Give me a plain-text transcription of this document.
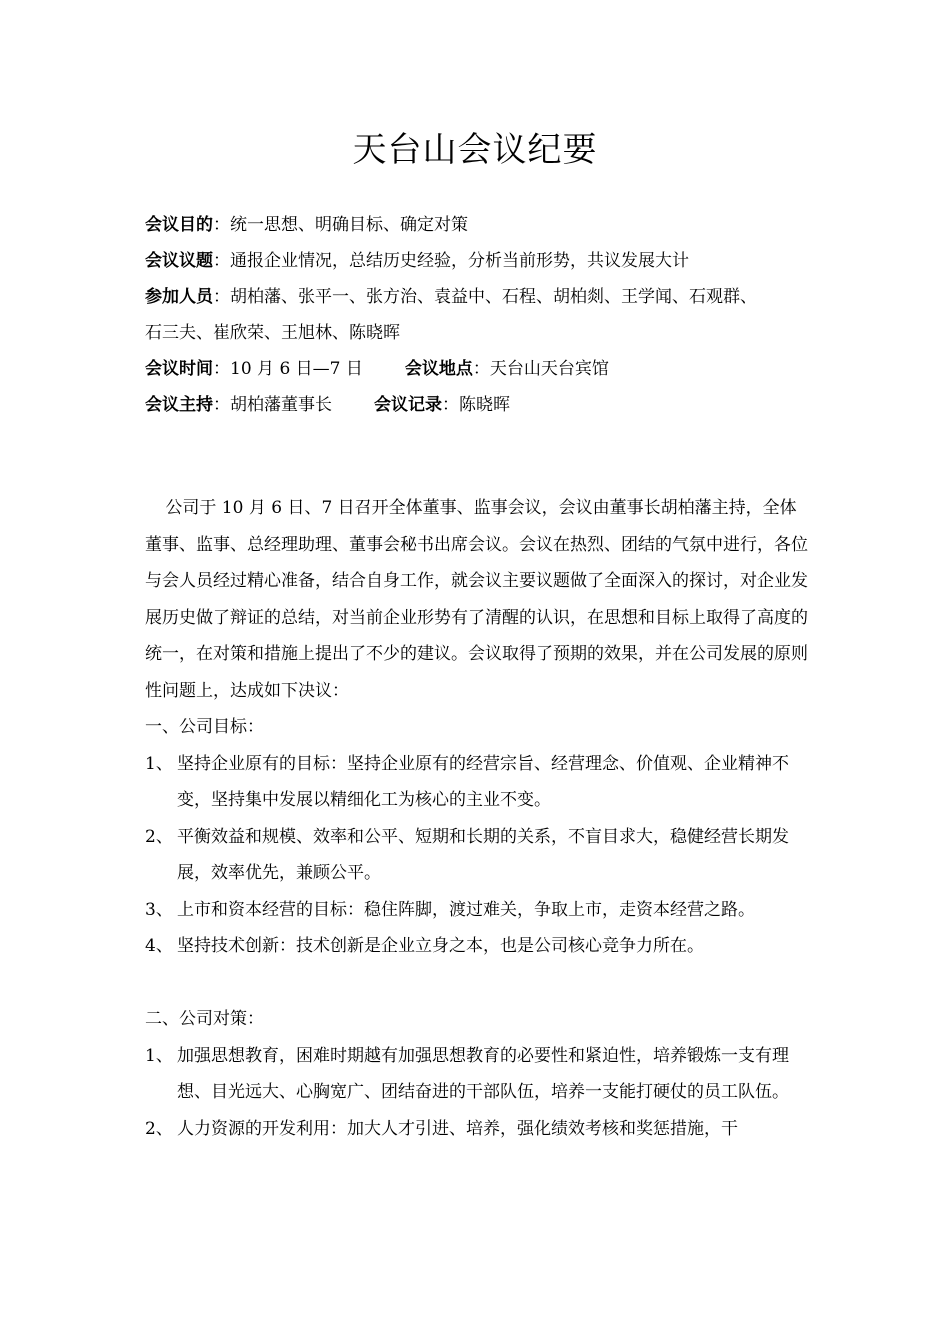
天台山会议纪要
会议目的：统一思想、明确目标、确定对策
会议议题：通报企业情况，总结历史经验，分析当前形势，共议发展大计
参加人员：胡柏藩、张平一、张方治、袁益中、石程、胡柏剡、王学闻、石观群、
石三夫、崔欣荣、王旭林、陈晓晖
会议时间：10 月 6 日—7 日 会议地点：天台山天台宾馆
会议主持：胡柏藩董事长 会议记录：陈晓晖

公司于 10 月 6 日、7 日召开全体董事、监事会议，会议由董事长胡柏藩主持，全体董事、监事、总经理助理、董事会秘书出席会议。会议在热烈、团结的气氛中进行，各位与会人员经过精心准备，结合自身工作，就会议主要议题做了全面深入的探讨，对企业发展历史做了辩证的总结，对当前企业形势有了清醒的认识，在思想和目标上取得了高度的统一，在对策和措施上提出了不少的建议。会议取得了预期的效果，并在公司发展的原则性问题上，达成如下决议：

一、公司目标：

1、 坚持企业原有的目标：坚持企业原有的经营宗旨、经营理念、价值观、企业精神不变，坚持集中发展以精细化工为核心的主业不变。
2、 平衡效益和规模、效率和公平、短期和长期的关系，不盲目求大，稳健经营长期发展，效率优先，兼顾公平。
3、 上市和资本经营的目标：稳住阵脚，渡过难关，争取上市，走资本经营之路。
4、 坚持技术创新：技术创新是企业立身之本，也是公司核心竞争力所在。

二、公司对策：

1、 加强思想教育，困难时期越有加强思想教育的必要性和紧迫性，培养锻炼一支有理想、目光远大、心胸宽广、团结奋进的干部队伍，培养一支能打硬仗的员工队伍。
2、 人力资源的开发利用：加大人才引进、培养，强化绩效考核和奖惩措施，干
